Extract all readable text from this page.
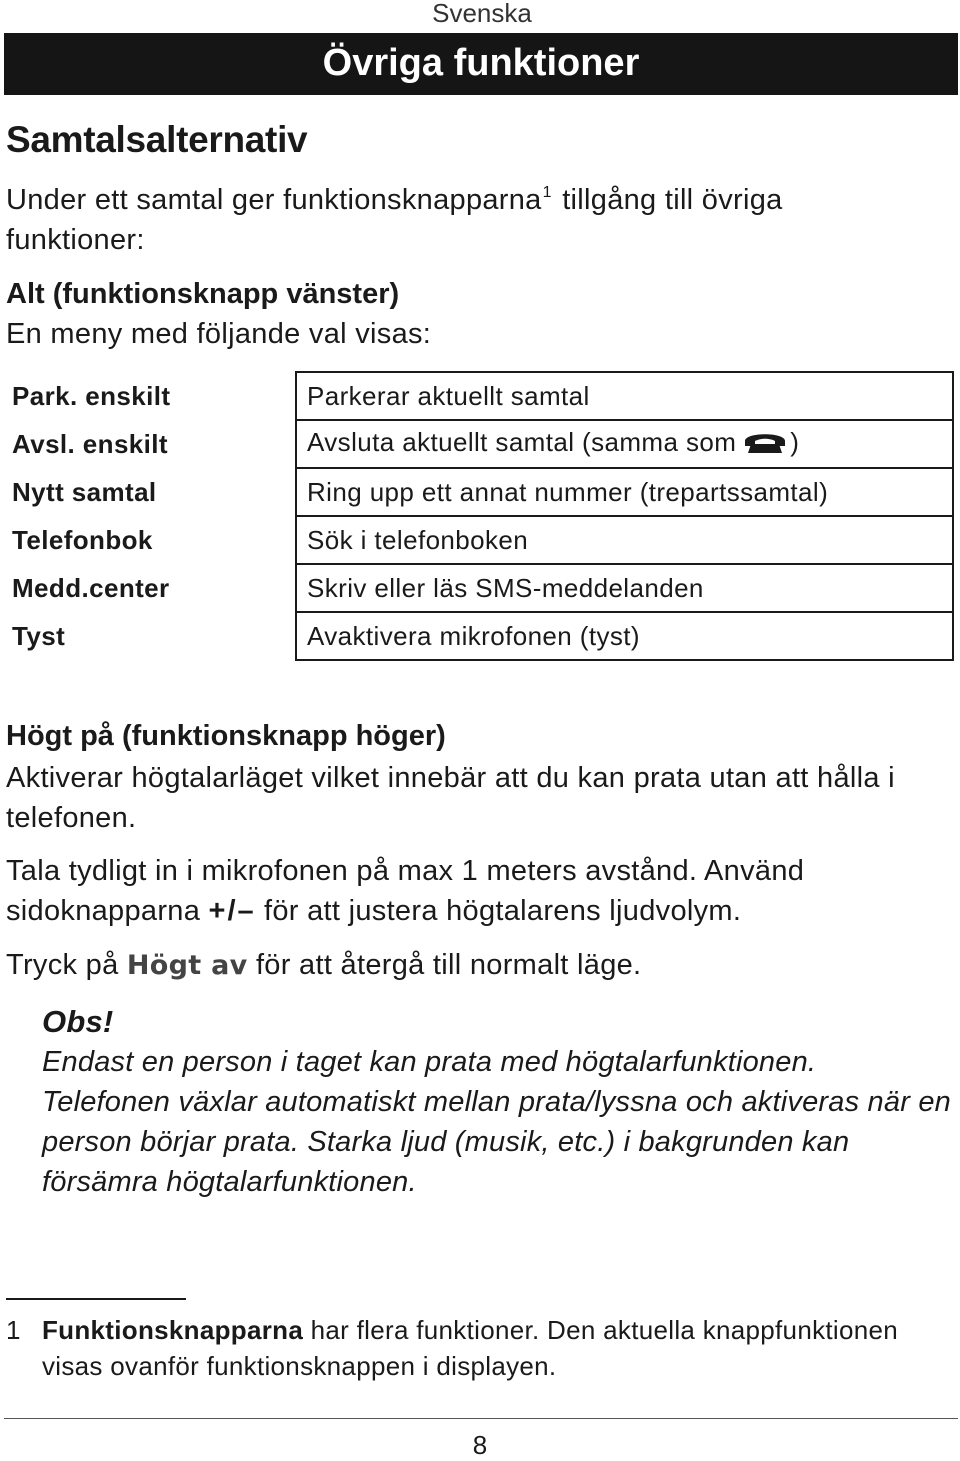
Svenska
Övriga funktioner
Samtalsalternativ

Under ett samtal ger funktionsknapparna$^1$ tillgång till övriga funktioner:

Alt (funktionsknapp vänster)

En meny med följande val visas:

Park. enskilt	Parkerar aktuellt samtal
Avsl. enskilt	Avsluta aktuellt samtal (samma som )
Nytt samtal	Ring upp ett annat nummer (trepartssamtal)
Telefonbok	Sök i telefonboken
Medd.center	Skriv eller läs SMS-meddelanden
Tyst	Avaktivera mikrofonen (tyst)
Högt på (funktionsknapp höger)

Aktiverar högtalarläget vilket innebär att du kan prata utan att hålla i telefonen.

Tala tydligt in i mikrofonen på max 1 meters avstånd. Använd sidoknapparna +/– för att justera högtalarens ljudvolym.

Tryck på Högt av för att återgå till normalt läge.

Obs!
Endast en person i taget kan prata med högtalarfunktionen. Telefonen växlar automatiskt mellan prata/lyssna och aktiveras när en person börjar prata. Starka ljud (musik, etc.) i bakgrunden kan försämra högtalarfunktionen.
1 Funktionsknapparna har flera funktioner. Den aktuella knappfunktionen visas ovanför funktionsknappen i displayen.

8
